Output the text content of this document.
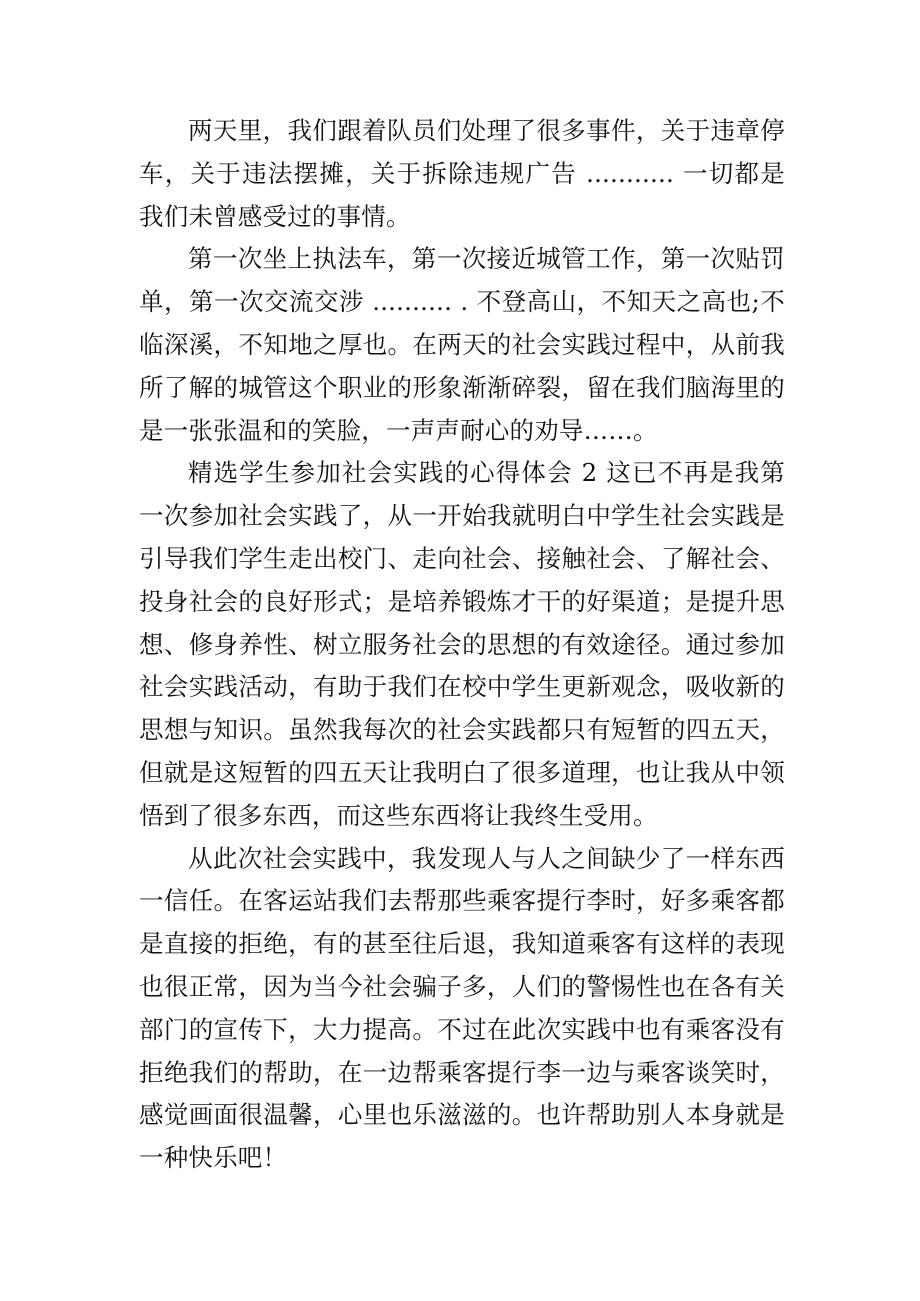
两天里，我们跟着队员们处理了很多事件，关于违章停车，关于违法摆摊，关于拆除违规广告 ........... 一切都是我们未曾感受过的事情。

第一次坐上执法车，第一次接近城管工作，第一次贴罚单，第一次交流交涉 .......... . 不登高山，不知天之高也;不临深溪，不知地之厚也。在两天的社会实践过程中，从前我所了解的城管这个职业的形象渐渐碎裂，留在我们脑海里的是一张张温和的笑脸，一声声耐心的劝导……。

精选学生参加社会实践的心得体会 2 这已不再是我第一次参加社会实践了，从一开始我就明白中学生社会实践是引导我们学生走出校门、走向社会、接触社会、了解社会、投身社会的良好形式；是培养锻炼才干的好渠道；是提升思想、修身养性、树立服务社会的思想的有效途径。通过参加社会实践活动，有助于我们在校中学生更新观念，吸收新的思想与知识。虽然我每次的社会实践都只有短暂的四五天，但就是这短暂的四五天让我明白了很多道理，也让我从中领悟到了很多东西，而这些东西将让我终生受用。

从此次社会实践中，我发现人与人之间缺少了一样东西一信任。在客运站我们去帮那些乘客提行李时，好多乘客都是直接的拒绝，有的甚至往后退，我知道乘客有这样的表现也很正常，因为当今社会骗子多，人们的警惕性也在各有关部门的宣传下，大力提高。不过在此次实践中也有乘客没有拒绝我们的帮助，在一边帮乘客提行李一边与乘客谈笑时，感觉画面很温馨，心里也乐滋滋的。也许帮助别人本身就是一种快乐吧！
